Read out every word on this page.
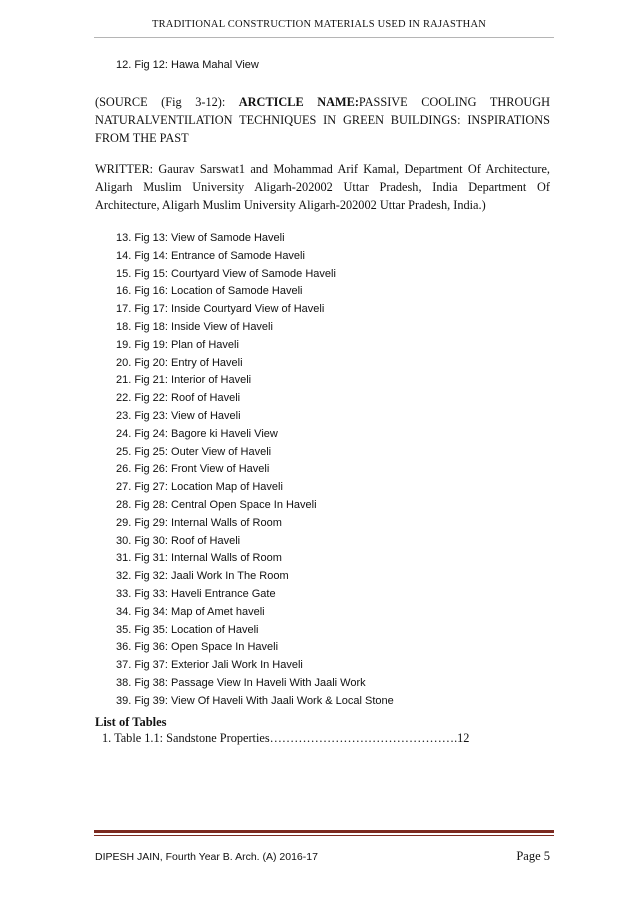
TRADITIONAL CONSTRUCTION MATERIALS USED IN RAJASTHAN
12. Fig 12: Hawa Mahal View
(SOURCE (Fig 3-12): ARCTICLE NAME:PASSIVE COOLING THROUGH
NATURALVENTILATION TECHNIQUES IN GREEN BUILDINGS: INSPIRATIONS
FROM THE PAST
WRITTER: Gaurav Sarswat1 and Mohammad Arif Kamal, Department Of Architecture,
Aligarh Muslim University Aligarh-202002 Uttar Pradesh, India Department Of
Architecture, Aligarh Muslim University Aligarh-202002 Uttar Pradesh, India.)
13. Fig 13: View of Samode Haveli
14. Fig 14: Entrance of Samode Haveli
15. Fig 15: Courtyard View of Samode Haveli
16. Fig 16: Location of Samode Haveli
17. Fig 17: Inside Courtyard View of Haveli
18. Fig 18: Inside View of Haveli
19. Fig 19: Plan of Haveli
20. Fig 20: Entry of Haveli
21. Fig 21: Interior of Haveli
22. Fig 22: Roof of Haveli
23. Fig 23: View of Haveli
24. Fig 24: Bagore ki Haveli View
25. Fig 25: Outer View of Haveli
26. Fig 26: Front View of Haveli
27. Fig 27: Location Map of Haveli
28. Fig 28: Central Open Space In Haveli
29. Fig 29: Internal Walls of Room
30. Fig 30: Roof of Haveli
31. Fig 31: Internal Walls of Room
32. Fig 32: Jaali Work In The Room
33. Fig 33: Haveli Entrance Gate
34. Fig 34: Map of Amet haveli
35. Fig 35: Location of Haveli
36. Fig 36: Open Space In Haveli
37. Fig 37: Exterior Jali Work In Haveli
38. Fig 38: Passage View In Haveli With Jaali Work
39. Fig 39: View Of Haveli With Jaali Work & Local Stone
List of Tables
1. Table 1.1: Sandstone Properties……………………………………….12
DIPESH JAIN, Fourth Year B. Arch. (A) 2016-17	Page 5
